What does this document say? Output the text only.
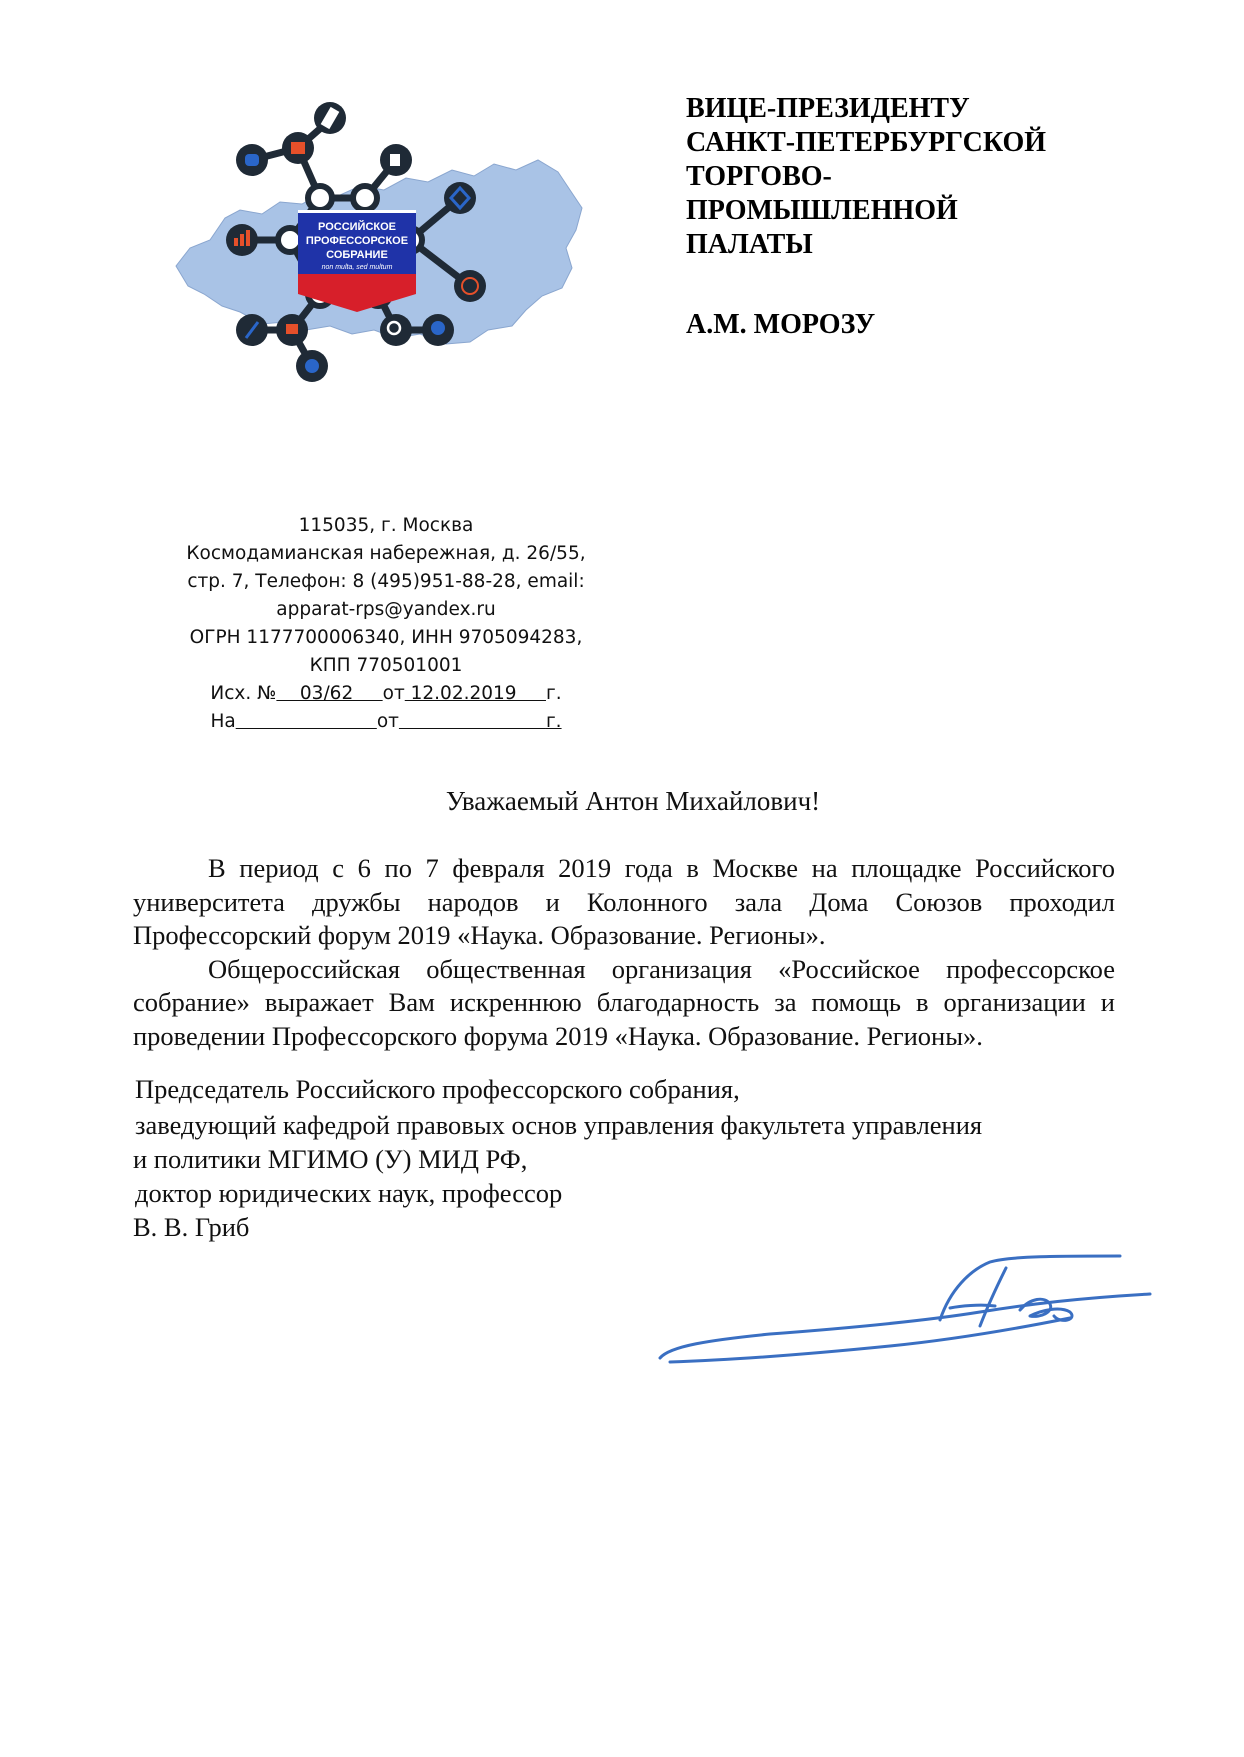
РОССИЙСКОЕ
ПРОФЕССОРСКОЕ
СОБРАНИЕ
non multa, sed multum
ВИЦЕ-ПРЕЗИДЕНТУ
САНКТ-ПЕТЕРБУРГСКОЙ
ТОРГОВО-
ПРОМЫШЛЕННОЙ
ПАЛАТЫ
А.М. МОРОЗУ
115035, г. Москва
Космодамианская набережная, д. 26/55,
стр. 7, Телефон: 8 (495)951-88-28, email:
apparat-rps@yandex.ru
ОГРН 1177700006340, ИНН 9705094283,
КПП 770501001
Исх. №    03/62     от 12.02.2019     г.
На	от	г.
Уважаемый Антон Михайлович!

В период с 6 по 7 февраля 2019 года в Москве на площадке Российского университета дружбы народов и Колонного зала Дома Союзов проходил Профессорский форум 2019 «Наука. Образование. Регионы».

Общероссийская общественная организация «Российское профессорское собрание» выражает Вам искреннюю благодарность за помощь в организации и проведении Профессорского форума 2019 «Наука. Образование. Регионы».

Председатель Российского профессорского собрания,
заведующий кафедрой правовых основ управления факультета управления
и политики МГИМО (У) МИД РФ,
доктор юридических наук, профессор
В. В. Гриб
